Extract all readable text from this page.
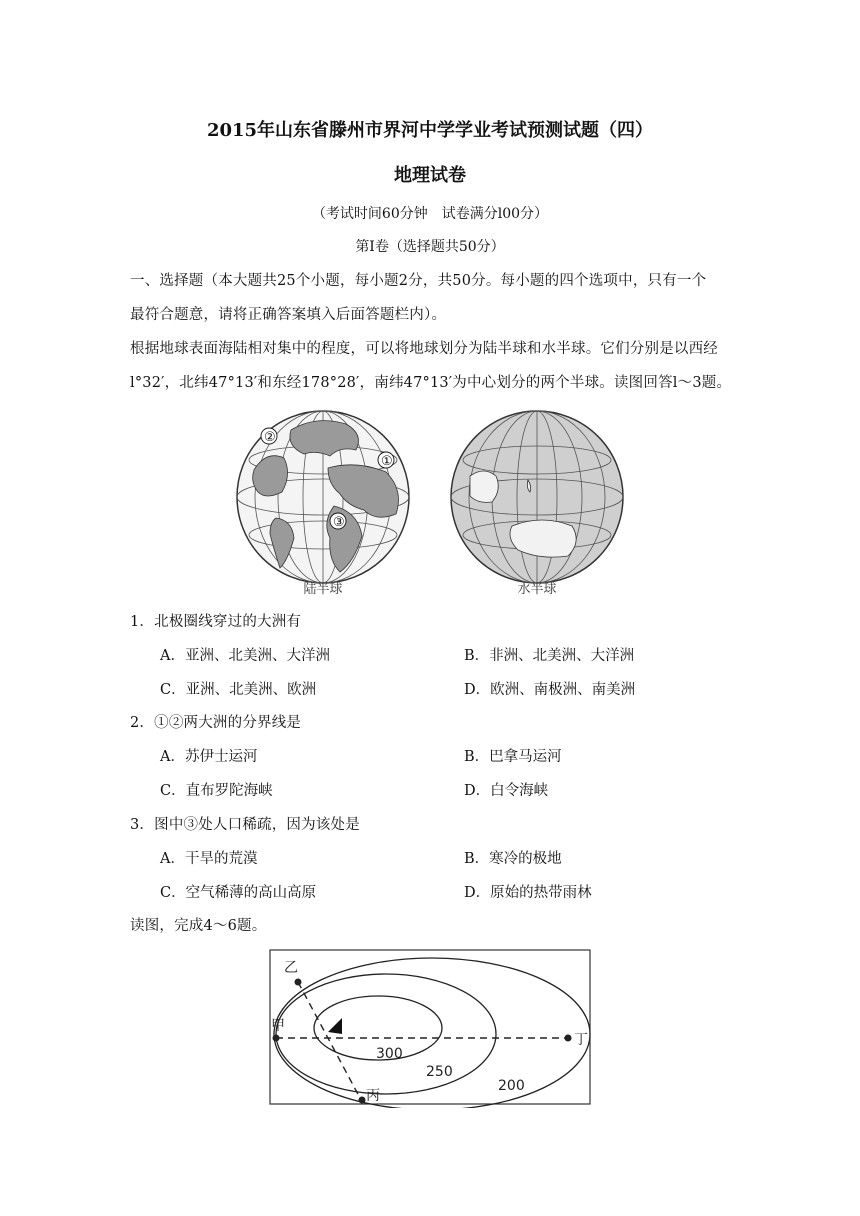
2015年山东省滕州市界河中学学业考试预测试题（四）
地理试卷
（考试时间60分钟　试卷满分l00分）
第Ⅰ卷（选择题共50分）
一、选择题（本大题共25个小题，每小题2分，共50分。每小题的四个选项中，只有一个
最符合题意，请将正确答案填入后面答题栏内）。
根据地球表面海陆相对集中的程度，可以将地球划分为陆半球和水半球。它们分别是以西经
l°32′，北纬47°13′和东经178°28′，南纬47°13′为中心划分的两个半球。读图回答l～3题。
①
②
③
陆半球	水半球
1．北极圈线穿过的大洲有
A．亚洲、北美洲、大洋洲	B．非洲、北美洲、大洋洲
C．亚洲、北美洲、欧洲	D．欧洲、南极洲、南美洲
2．①②两大洲的分界线是
A．苏伊士运河	B．巴拿马运河
C．直布罗陀海峡	D．白令海峡
3．图中③处人口稀疏，因为该处是
A．干旱的荒漠	B．寒冷的极地
C．空气稀薄的高山高原	D．原始的热带雨林
读图，完成4～6题。
乙
甲
丙
丁
300
250
200
